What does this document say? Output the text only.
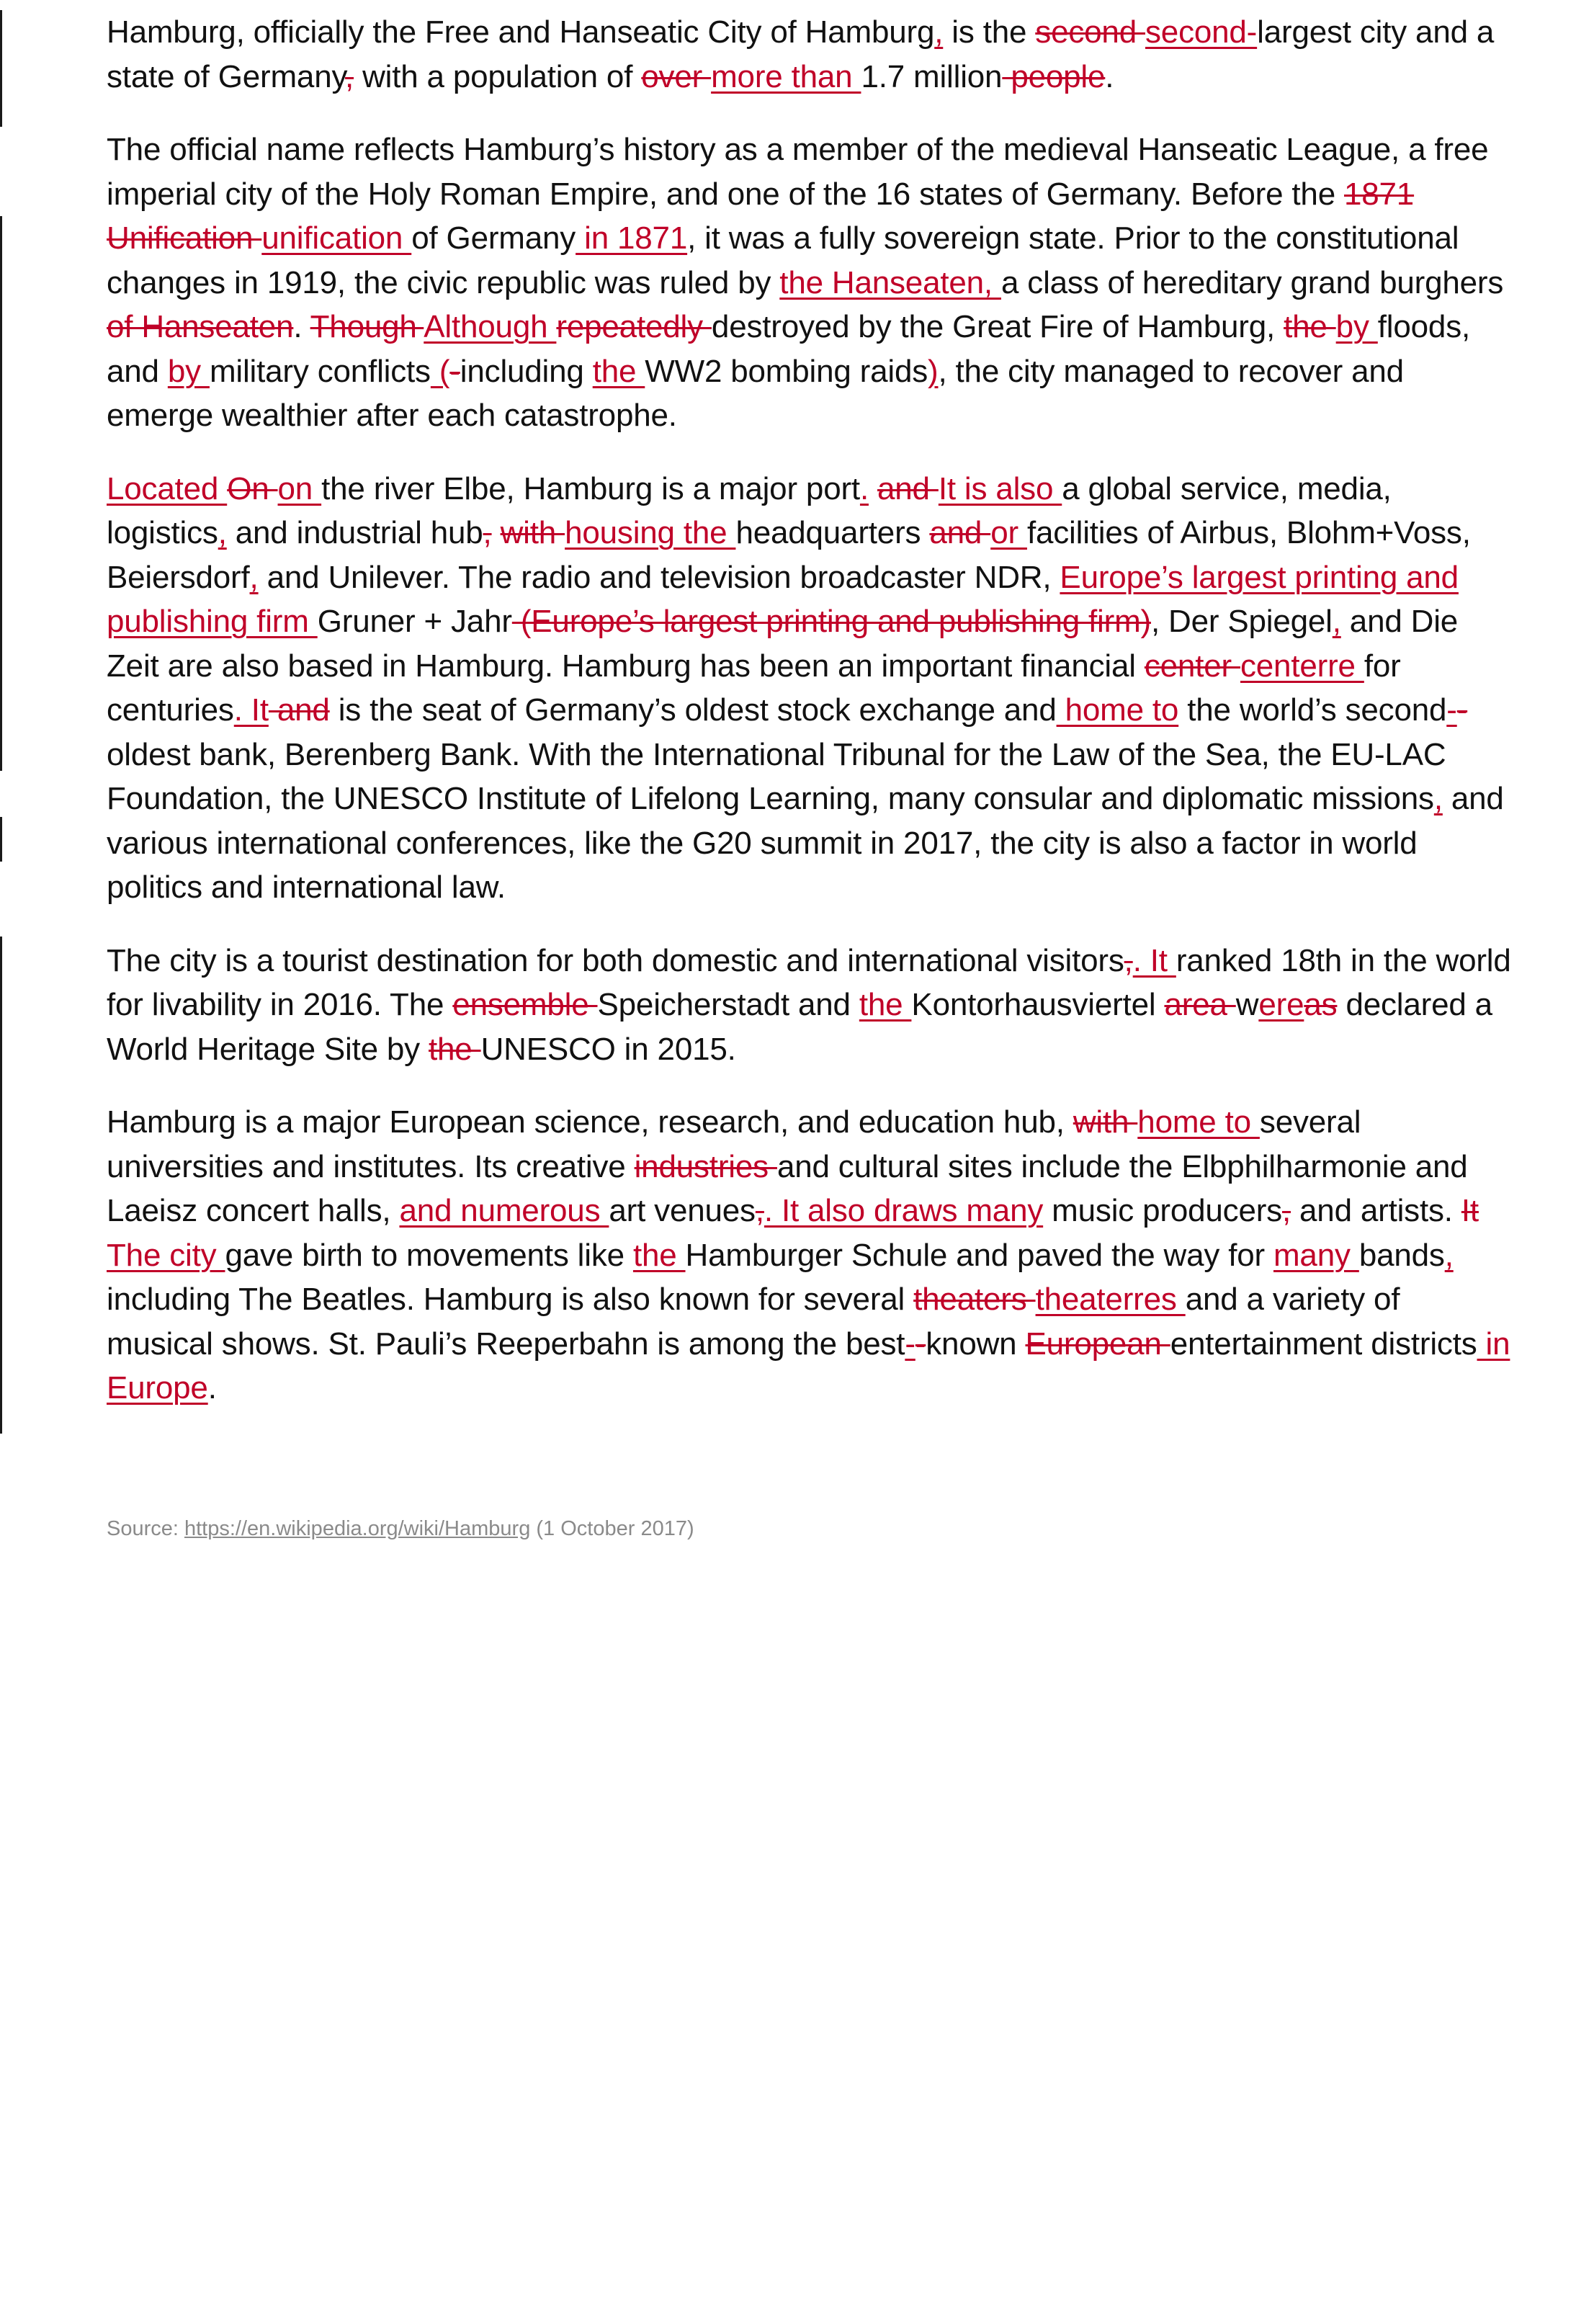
Hamburg, officially the Free and Hanseatic City of Hamburg, is the second second-largest city and a state of Germany, with a population of over more than 1.7 million people.

The official name reflects Hamburg’s history as a member of the medieval Hanseatic League, a free imperial city of the Holy Roman Empire, and one of the 16 states of Germany. Before the 1871 Unification unification of Germany in 1871, it was a fully sovereign state. Prior to the constitutional changes in 1919, the civic republic was ruled by the Hanseaten, a class of hereditary grand burghers of Hanseaten. Though Although repeatedly destroyed by the Great Fire of Hamburg, the by floods, and by military conflicts (-including the WW2 bombing raids), the city managed to recover and emerge wealthier after each catastrophe.

Located On on the river Elbe, Hamburg is a major port. and It is also a global service, media, logistics, and industrial hub, with housing the headquarters and or facilities of Airbus, Blohm+Voss, Beiersdorf, and Unilever. The radio and television broadcaster NDR, Europe’s largest printing and publishing firm Gruner + Jahr (Europe’s largest printing and publishing firm), Der Spiegel, and Die Zeit are also based in Hamburg. Hamburg has been an important financial center centerre for centuries. It and is the seat of Germany’s oldest stock exchange and home to the world’s second--oldest bank, Berenberg Bank. With the International Tribunal for the Law of the Sea, the EU-LAC Foundation, the UNESCO Institute of Lifelong Learning, many consular and diplomatic missions, and various international conferences, like the G20 summit in 2017, the city is also a factor in world politics and international law.

The city is a tourist destination for both domestic and international visitors,. It ranked 18th in the world for livability in 2016. The ensemble Speicherstadt and the Kontorhausviertel area wereas declared a World Heritage Site by the UNESCO in 2015.

Hamburg is a major European science, research, and education hub, with home to several universities and institutes. Its creative industries and cultural sites include the Elbphilharmonie and Laeisz concert halls, and numerous art venues,. It also draws many music producers, and artists. It The city gave birth to movements like the Hamburger Schule and paved the way for many bands, including The Beatles. Hamburg is also known for several theaters theaterres and a variety of musical shows. St. Pauli’s Reeperbahn is among the best--known European entertainment districts in Europe.

Source: https://en.wikipedia.org/wiki/Hamburg (1 October 2017)
